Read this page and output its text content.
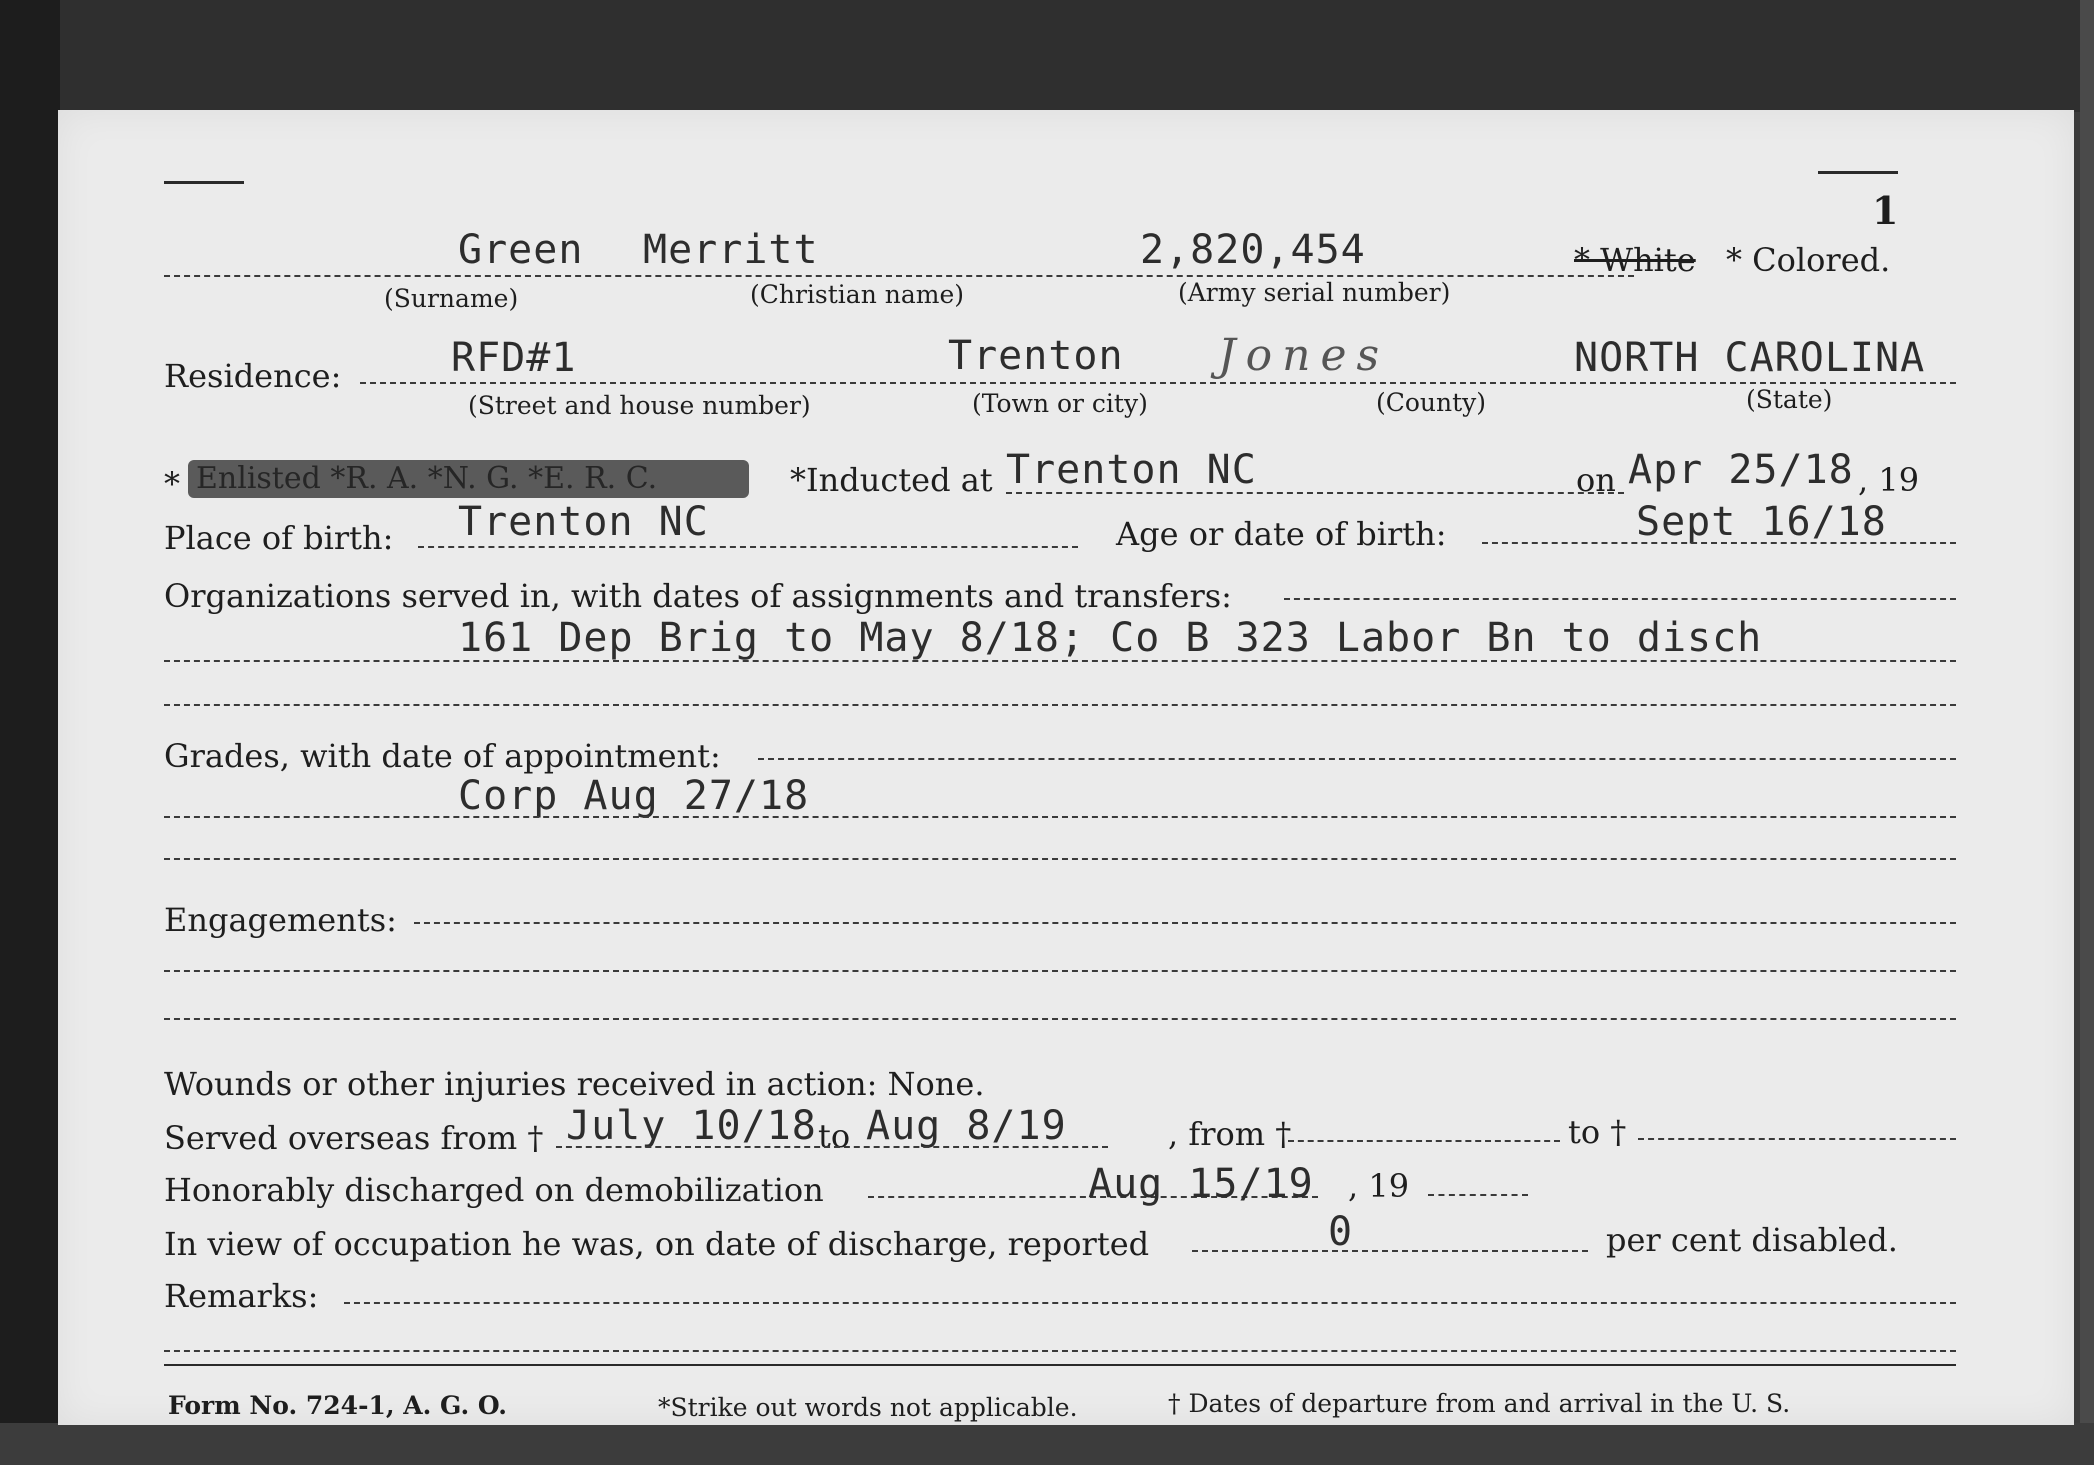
1
Green Merritt	2,820,454	* White * Colored.
(Surname)	(Christian name)	(Army serial number)
Residence:	RFD#1	Trenton Jones	NORTH CAROLINA
(Street and house number)	(Town or city)	(County)	(State)
* Enlisted *R. A. *N. G. *E. R. C.	*Inducted at Trenton NC	on Apr 25/18 , 19
Place of birth: Trenton NC	Age or date of birth:	Sept 16/18
Organizations served in, with dates of assignments and transfers:
161 Dep Brig to May 8/18; Co B 323 Labor Bn to disch
Grades, with date of appointment:
Corp Aug 27/18
Engagements:
Wounds or other injuries received in action: None.
Served overseas from † July 10/18 to Aug 8/19	, from †	to †
Honorably discharged on demobilization	Aug 15/19 , 19
In view of occupation he was, on date of discharge, reported	0	per cent disabled.
Remarks:
Form No. 724-1, A. G. O.	*Strike out words not applicable.	† Dates of departure from and arrival in the U. S.
